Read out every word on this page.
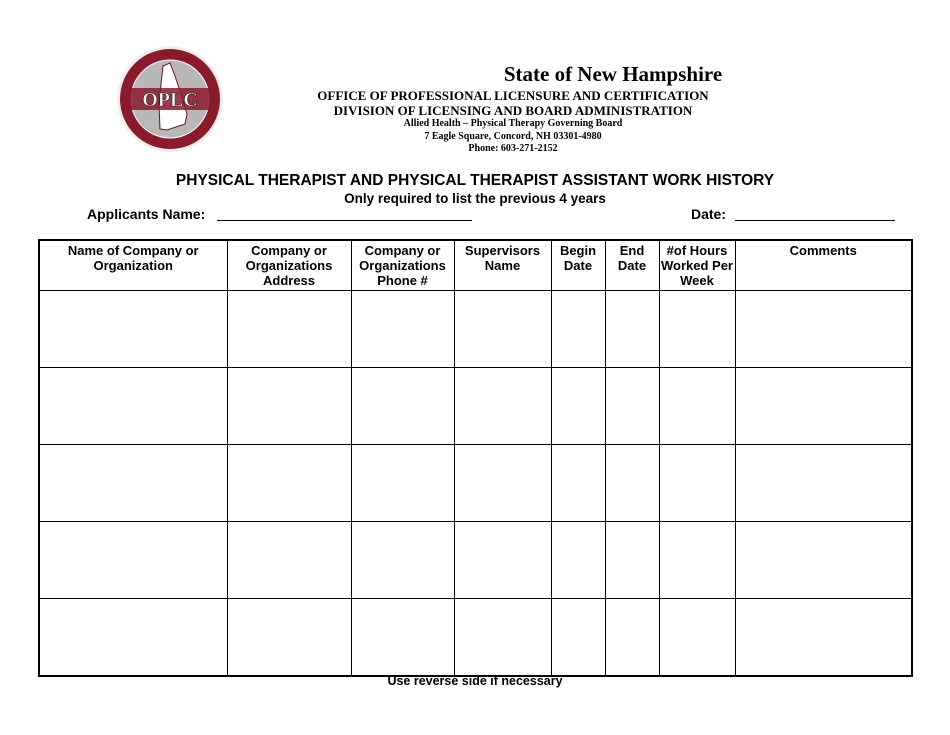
OPLC
State of New Hampshire
OFFICE OF PROFESSIONAL LICENSURE AND CERTIFICATION
DIVISION OF LICENSING AND BOARD ADMINISTRATION
Allied Health – Physical Therapy Governing Board
7 Eagle Square, Concord, NH 03301-4980
Phone: 603-271-2152
PHYSICAL THERAPIST AND PHYSICAL THERAPIST ASSISTANT WORK HISTORY
Only required to list the previous 4 years
Applicants Name:	Date:
Name of Company or Organization	Company or Organizations Address	Company or Organizations Phone #	Supervisors Name	Begin Date	End Date	#of Hours Worked Per Week	Comments

Use reverse side if necessary
